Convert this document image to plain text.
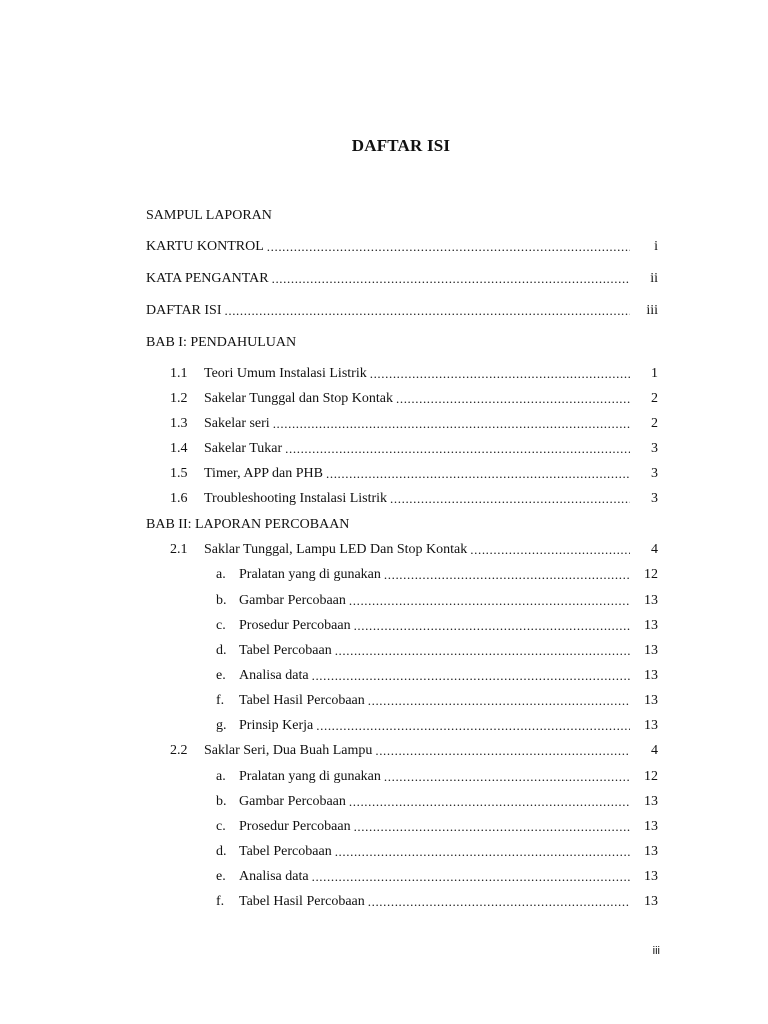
DAFTAR ISI
SAMPUL LAPORAN
KARTU KONTROL .....	i
KATA PENGANTAR .....	ii
DAFTAR ISI .....	iii
BAB I: PENDAHULUAN
1.1 Teori Umum Instalasi Listrik .....	1
1.2 Sakelar Tunggal dan Stop Kontak .....	2
1.3 Sakelar seri .....	2
1.4 Sakelar Tukar .....	3
1.5 Timer, APP dan PHB .....	3
1.6 Troubleshooting Instalasi Listrik .....	3
BAB II: LAPORAN PERCOBAAN
2.1 Saklar Tunggal, Lampu LED Dan Stop Kontak .....	4
a. Pralatan yang di gunakan .....	12
b. Gambar Percobaan .....	13
c. Prosedur Percobaan .....	13
d. Tabel Percobaan .....	13
e. Analisa data .....	13
f. Tabel Hasil Percobaan .....	13
g. Prinsip Kerja .....	13
2.2 Saklar Seri, Dua Buah Lampu .....	4
a. Pralatan yang di gunakan .....	12
b. Gambar Percobaan .....	13
c. Prosedur Percobaan .....	13
d. Tabel Percobaan .....	13
e. Analisa data .....	13
f. Tabel Hasil Percobaan .....	13
iii
